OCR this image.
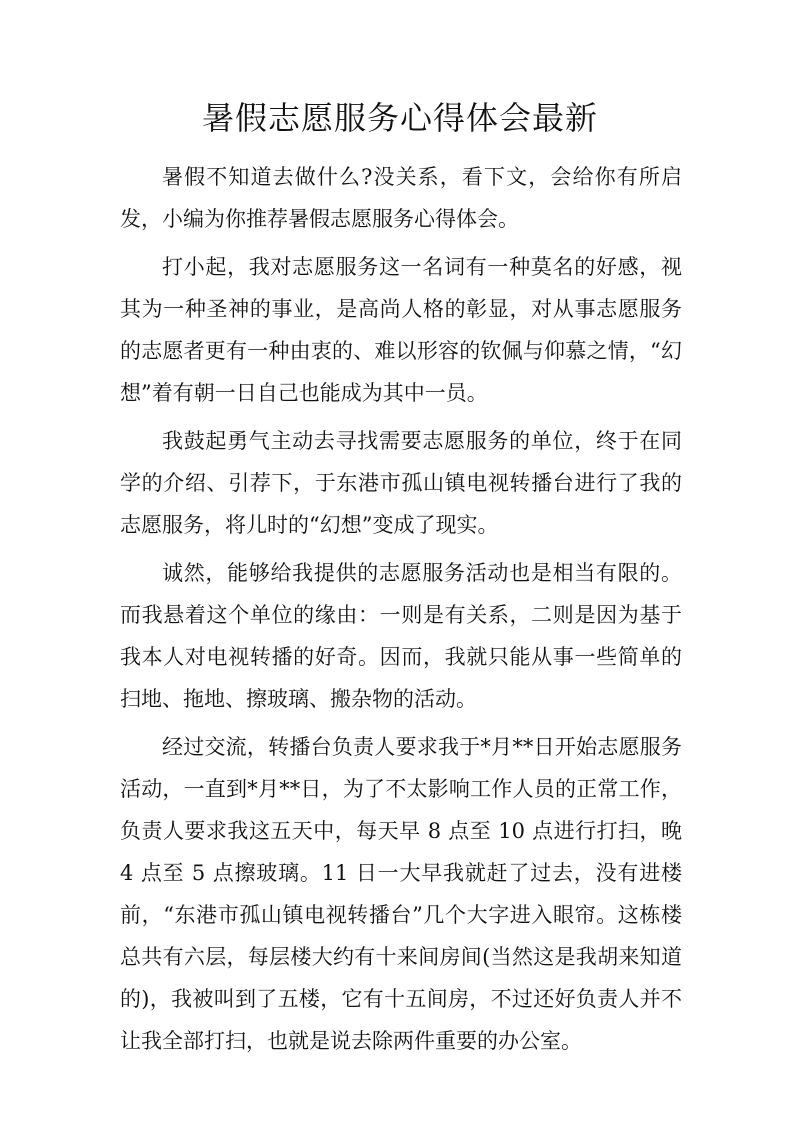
暑假志愿服务心得体会最新

暑假不知道去做什么?没关系，看下文，会给你有所启发，小编为你推荐暑假志愿服务心得体会。

打小起，我对志愿服务这一名词有一种莫名的好感，视其为一种圣神的事业，是高尚人格的彰显，对从事志愿服务的志愿者更有一种由衷的、难以形容的钦佩与仰慕之情，“幻想”着有朝一日自己也能成为其中一员。

我鼓起勇气主动去寻找需要志愿服务的单位，终于在同学的介绍、引荐下，于东港市孤山镇电视转播台进行了我的志愿服务，将儿时的“幻想”变成了现实。

诚然，能够给我提供的志愿服务活动也是相当有限的。而我悬着这个单位的缘由：一则是有关系，二则是因为基于我本人对电视转播的好奇。因而，我就只能从事一些简单的扫地、拖地、擦玻璃、搬杂物的活动。

经过交流，转播台负责人要求我于*月**日开始志愿服务活动，一直到*月**日，为了不太影响工作人员的正常工作，负责人要求我这五天中，每天早 8 点至 10 点进行打扫，晚 4 点至 5 点擦玻璃。11 日一大早我就赶了过去，没有进楼前，“东港市孤山镇电视转播台”几个大字进入眼帘。这栋楼总共有六层，每层楼大约有十来间房间(当然这是我胡来知道的)，我被叫到了五楼，它有十五间房，不过还好负责人并不让我全部打扫，也就是说去除两件重要的办公室。
